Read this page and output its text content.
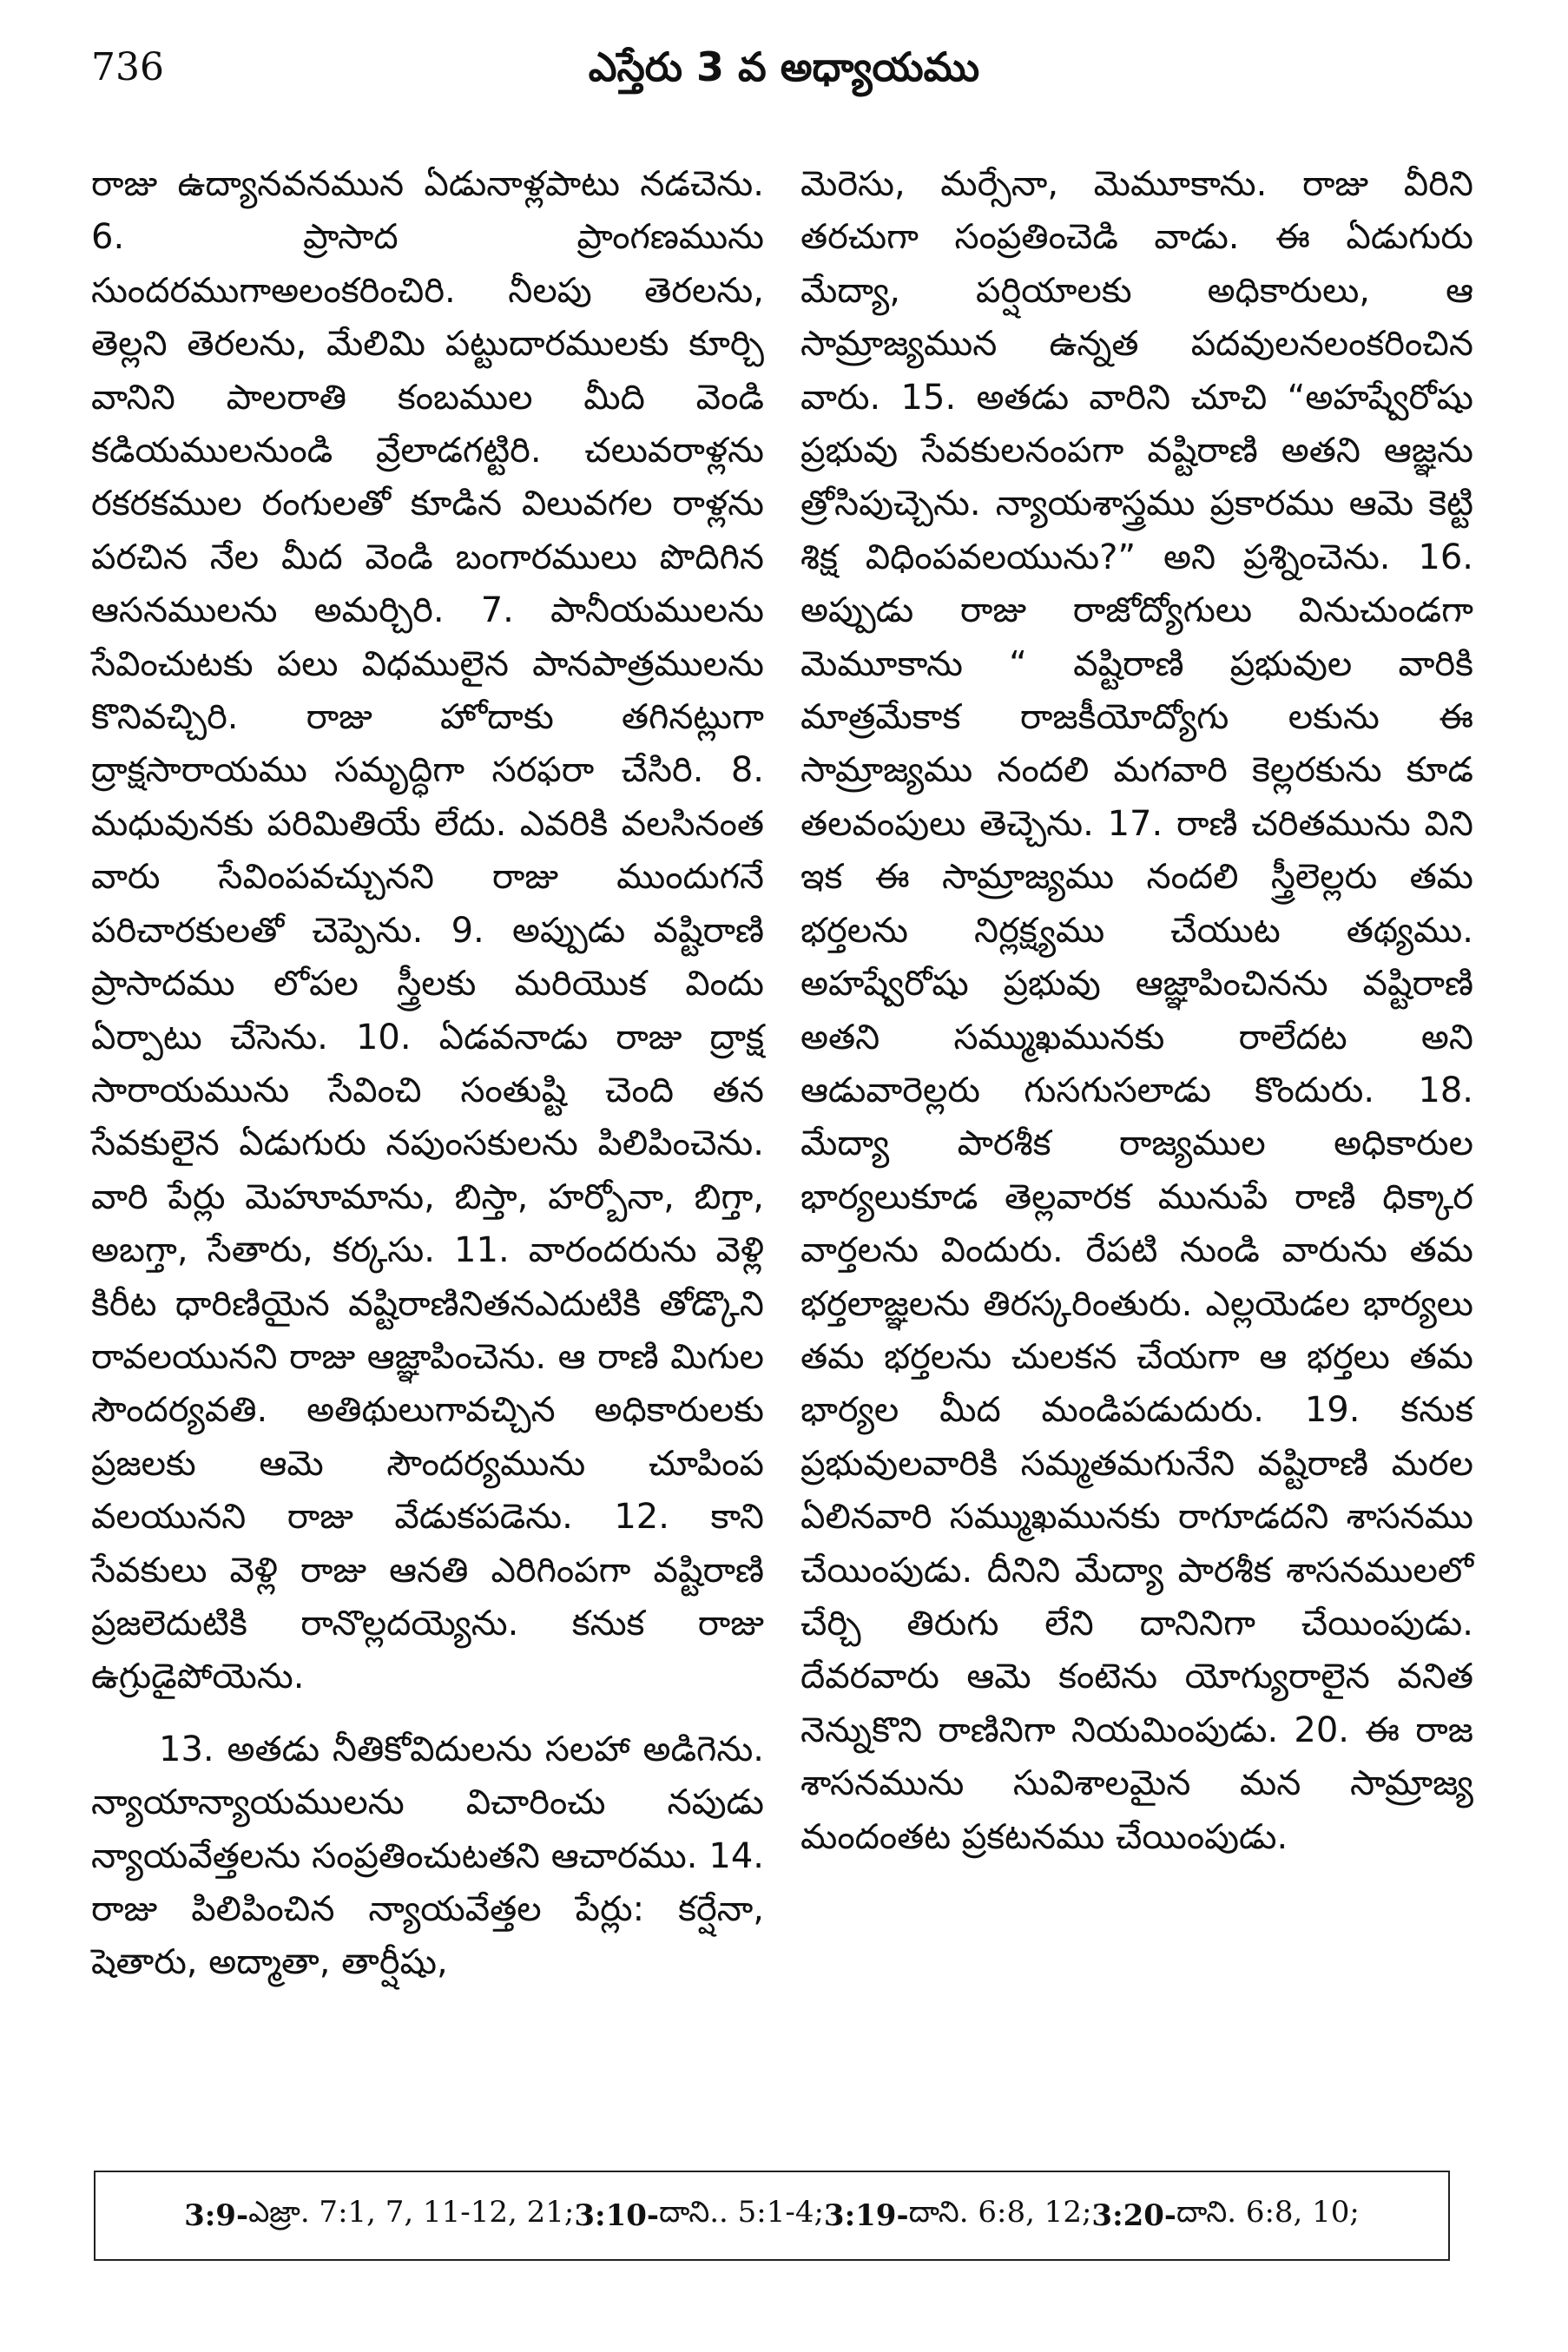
736	ఎస్తేరు 3 వ అధ్యాయము

రాజు ఉద్యానవనమున ఏడునాళ్లపాటు నడచెను. 6. ప్రాసాద ప్రాంగణమును సుందరముగాఅలంకరించిరి. నీలపు తెరలను, తెల్లని తెరలను, మేలిమి పట్టుదారములకు కూర్చి వానిని పాలరాతి కంబముల మీది వెండి కడియములనుండి వ్రేలాడగట్టిరి. చలువరాళ్లను రకరకముల రంగులతో కూడిన విలువగల రాళ్లను పరచిన నేల మీద వెండి బంగారములు పొదిగిన ఆసనములను అమర్చిరి. 7. పానీయములను సేవించుటకు పలు విధములైన పానపాత్రములను కొనివచ్చిరి. రాజు హోదాకు తగినట్లుగా ద్రాక్షసారాయము సమృద్ధిగా సరఫరా చేసిరి. 8. మధువునకు పరిమితియే లేదు. ఎవరికి వలసినంత వారు సేవింపవచ్చునని రాజు ముందుగనే పరిచారకులతో చెప్పెను. 9. అప్పుడు వష్టిరాణి ప్రాసాదము లోపల స్త్రీలకు మరియొక విందు ఏర్పాటు చేసెను. 10. ఏడవనాడు రాజు ద్రాక్ష సారాయమును సేవించి సంతుష్టి చెంది తన సేవకులైన ఏడుగురు నపుంసకులను పిలిపించెను. వారి పేర్లు మెహూమాను, బిస్తా, హర్బోనా, బిగ్తా, అబగ్తా, సేతారు, కర్కసు. 11. వారందరును వెళ్లి కిరీట ధారిణియైన వష్టిరాణినితనఎదుటికి తోడ్కొని రావలయునని రాజు ఆజ్ఞాపించెను. ఆ రాణి మిగుల సౌందర్యవతి. అతిథులుగావచ్చిన అధికారులకు ప్రజలకు ఆమె సౌందర్యమును చూపింప వలయునని రాజు వేడుకపడెను. 12. కాని సేవకులు వెళ్లి రాజు ఆనతి ఎరిగింపగా వష్టిరాణి ప్రజలెదుటికి రానొల్లదయ్యెను. కనుక రాజు ఉగ్రుడైపోయెను.

13. అతడు నీతికోవిదులను సలహా అడిగెను. న్యాయాన్యాయములను విచారించు నపుడు న్యాయవేత్తలను సంప్రతించుటతని ఆచారము. 14. రాజు పిలిపించిన న్యాయవేత్తల పేర్లు: కర్షేనా, షెతారు, అద్మాతా, తార్షీషు,

మెరెసు, మర్సేనా, మెమూకాను. రాజు వీరిని తరచుగా సంప్రతించెడి వాడు. ఈ ఏడుగురు మేద్యా, పర్షియాలకు అధికారులు, ఆ సామ్రాజ్యమున ఉన్నత పదవులనలంకరించిన వారు. 15. అతడు వారిని చూచి “అహష్వేరోషు ప్రభువు సేవకులనంపగా వష్టిరాణి అతని ఆజ్ఞను త్రోసిపుచ్చెను. న్యాయశాస్త్రము ప్రకారము ఆమె కెట్టి శిక్ష విధింపవలయును?” అని ప్రశ్నించెను. 16. అప్పుడు రాజు రాజోద్యోగులు వినుచుండగా మెమూకాను “ వష్టిరాణి ప్రభువుల వారికి మాత్రమేకాక రాజకీయోద్యోగు లకును ఈ సామ్రాజ్యము నందలి మగవారి కెల్లరకును కూడ తలవంపులు తెచ్చెను. 17. రాణి చరితమును విని ఇక ఈ సామ్రాజ్యము నందలి స్త్రీలెల్లరు తమ భర్తలను నిర్లక్ష్యము చేయుట తథ్యము. అహష్వేరోషు ప్రభువు ఆజ్ఞాపించినను వష్టిరాణి అతని సమ్ముఖమునకు రాలేదట అని ఆడువారెల్లరు గుసగుసలాడు కొందురు. 18. మేద్యా పారశీక రాజ్యముల అధికారుల భార్యలుకూడ తెల్లవారక మునుపే రాణి ధిక్కార వార్తలను విందురు. రేపటి నుండి వారును తమ భర్తలాజ్ఞలను తిరస్కరింతురు. ఎల్లయెడల భార్యలు తమ భర్తలను చులకన చేయగా ఆ భర్తలు తమ భార్యల మీద మండిపడుదురు. 19. కనుక ప్రభువులవారికి సమ్మతమగునేని వష్టిరాణి మరల ఏలినవారి సమ్ముఖమునకు రాగూడదని శాసనము చేయింపుడు. దీనిని మేద్యా పారశీక శాసనములలో చేర్చి తిరుగు లేని దానినిగా చేయింపుడు. దేవరవారు ఆమె కంటెను యోగ్యురాలైన వనిత నెన్నుకొని రాణినిగా నియమింపుడు. 20. ఈ రాజ శాసనమును సువిశాలమైన మన సామ్రాజ్య మందంతట ప్రకటనము చేయింపుడు.

3:9- ఎజ్రా. 7:1, 7, 11-12, 21; 3:10- దాని.. 5:1-4; 3:19- దాని. 6:8, 12; 3:20- దాని. 6:8, 10;
